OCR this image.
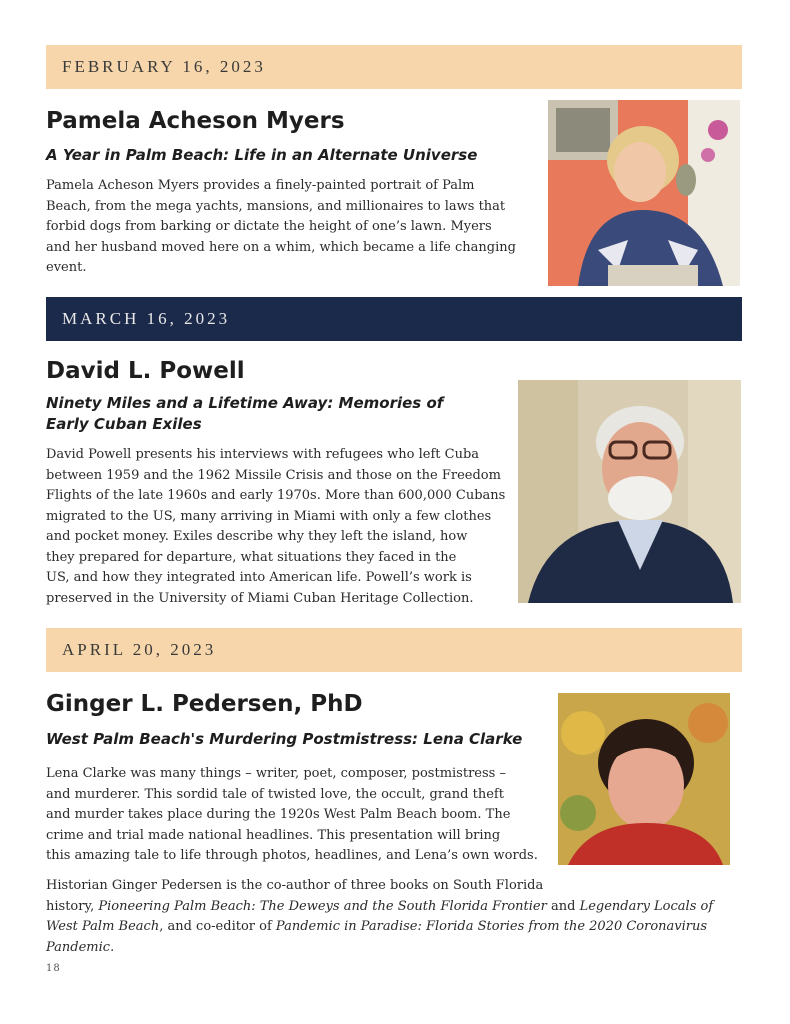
FEBRUARY 16, 2023
Pamela Acheson Myers

A Year in Palm Beach: Life in an Alternate Universe

Pamela Acheson Myers provides a finely-painted portrait of Palm
Beach, from the mega yachts, mansions, and millionaires to laws that
forbid dogs from barking or dictate the height of one’s lawn. Myers
and her husband moved here on a whim, which became a life changing
event.
MARCH 16, 2023
David L. Powell
Ninety Miles and a Lifetime Away: Memories of
Early Cuban Exiles
David Powell presents his interviews with refugees who left Cuba
between 1959 and the 1962 Missile Crisis and those on the Freedom
Flights of the late 1960s and early 1970s. More than 600,000 Cubans
migrated to the US, many arriving in Miami with only a few clothes
and pocket money. Exiles describe why they left the island, how
they prepared for departure, what situations they faced in the
US, and how they integrated into American life. Powell’s work is
preserved in the University of Miami Cuban Heritage Collection.
APRIL 20, 2023
Ginger L. Pedersen, PhD

West Palm Beach's Murdering Postmistress: Lena Clarke

Lena Clarke was many things – writer, poet, composer, postmistress –
and murderer. This sordid tale of twisted love, the occult, grand theft
and murder takes place during the 1920s West Palm Beach boom. The
crime and trial made national headlines. This presentation will bring
this amazing tale to life through photos, headlines, and Lena’s own words.
Historian Ginger Pedersen is the co-author of three books on South Florida
history, Pioneering Palm Beach: The Deweys and the South Florida Frontier and Legendary Locals of
West Palm Beach, and co-editor of Pandemic in Paradise: Florida Stories from the 2020 Coronavirus
Pandemic.
18
